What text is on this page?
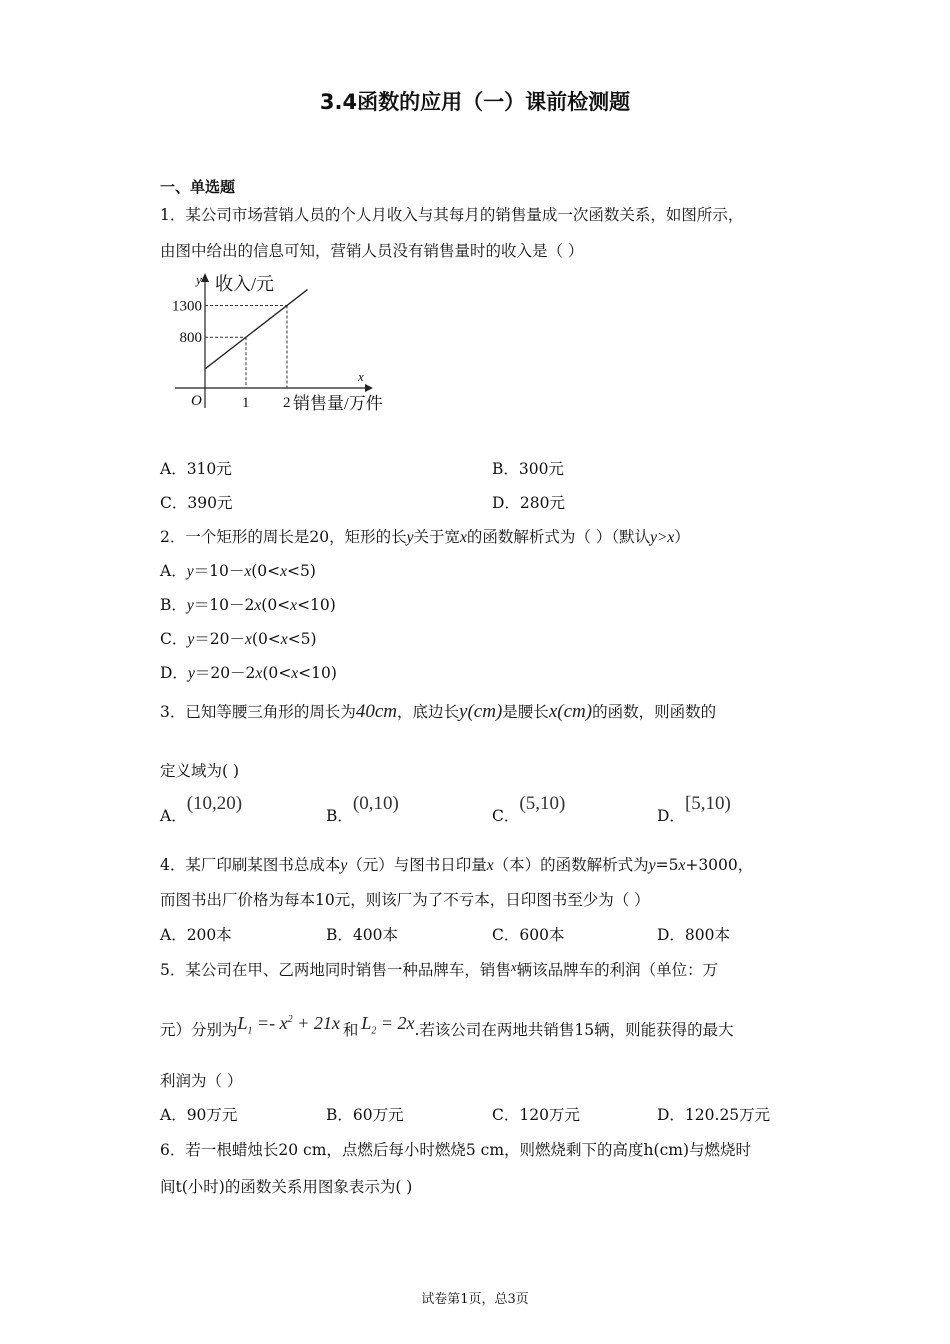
3.4函数的应用（一）课前检测题
一、单选题
1．某公司市场营销人员的个人月收入与其每月的销售量成一次函数关系，如图所示，
由图中给出的信息可知，营销人员没有销售量时的收入是（ ）
y 收入/元
x
销售量/万件
O
800
1300
1 2
A．310元	B．300元
C．390元	D．280元
2．一个矩形的周长是20，矩形的长y关于宽x的函数解析式为（ ）（默认y>x）
A．y＝10－x(0<x<5)
B．y＝10－2x(0<x<10)
C．y＝20－x(0<x<5)
D．y＝20－2x(0<x<10)
3．已知等腰三角形的周长为40cm，底边长y(cm)是腰长x(cm)的函数，则函数的
定义域为( )
A．(10,20)
B．(0,10)
C．(5,10)
D．[5,10)
4．某厂印刷某图书总成本y（元）与图书日印量x（本）的函数解析式为y=5x+3000，
而图书出厂价格为每本10元，则该厂为了不亏本，日印图书至少为（ ）
A．200本	B．400本	C．600本	D．800本
5．某公司在甲、乙两地同时销售一种品牌车，销售$^x$辆该品牌车的利润（单位：万
元）分别为$L_1 =- x^2 + 21x$ 和 $L_2 = 2x$.若该公司在两地共销售15辆，则能获得的最大
利润为（ ）
A．90万元	B．60万元	C．120万元	D．120.25万元
6．若一根蜡烛长20 cm，点燃后每小时燃烧5 cm，则燃烧剩下的高度h(cm)与燃烧时
间t(小时)的函数关系用图象表示为( )
试卷第1页，总3页
